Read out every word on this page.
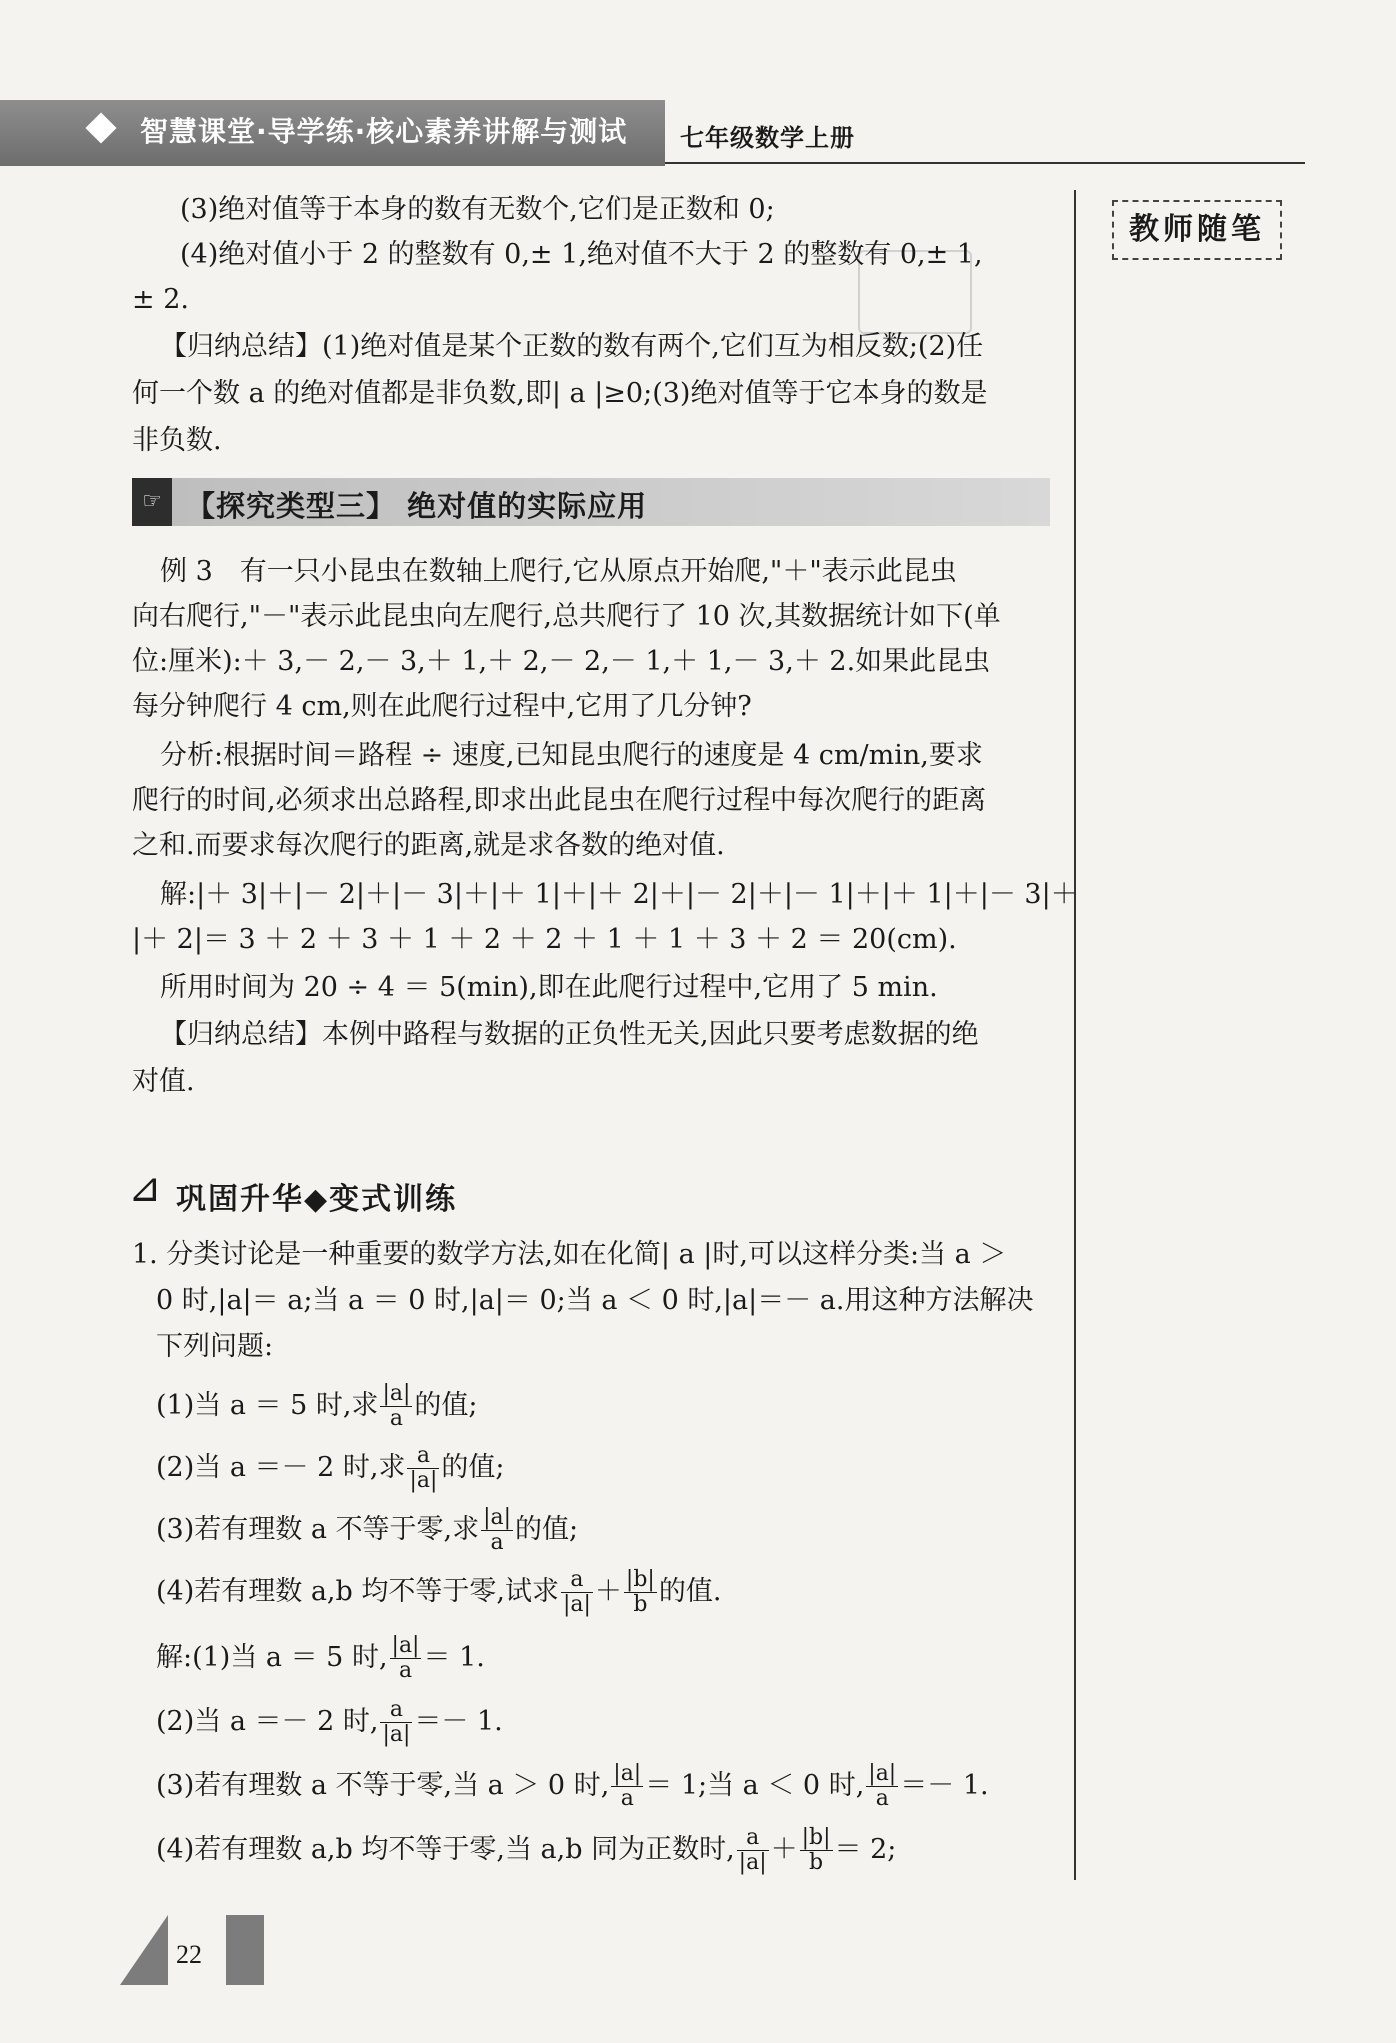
智慧课堂·导学练·核心素养讲解与测试 七年级数学上册
教师随笔
(3)绝对值等于本身的数有无数个,它们是正数和 0;
(4)绝对值小于 2 的整数有 0,± 1,绝对值不大于 2 的整数有 0,± 1,
± 2.
【归纳总结】(1)绝对值是某个正数的数有两个,它们互为相反数;(2)任
何一个数 a 的绝对值都是非负数,即| a |≥0;(3)绝对值等于它本身的数是
非负数.
☞ 【探究类型三】 绝对值的实际应用
例 3　有一只小昆虫在数轴上爬行,它从原点开始爬,"＋"表示此昆虫
向右爬行,"－"表示此昆虫向左爬行,总共爬行了 10 次,其数据统计如下(单
位:厘米):＋ 3,－ 2,－ 3,＋ 1,＋ 2,－ 2,－ 1,＋ 1,－ 3,＋ 2.如果此昆虫
每分钟爬行 4 cm,则在此爬行过程中,它用了几分钟?
分析:根据时间＝路程 ÷ 速度,已知昆虫爬行的速度是 4 cm/min,要求
爬行的时间,必须求出总路程,即求出此昆虫在爬行过程中每次爬行的距离
之和.而要求每次爬行的距离,就是求各数的绝对值.
解:|＋ 3|＋|－ 2|＋|－ 3|＋|＋ 1|＋|＋ 2|＋|－ 2|＋|－ 1|＋|＋ 1|＋|－ 3|＋
|＋ 2|＝ 3 ＋ 2 ＋ 3 ＋ 1 ＋ 2 ＋ 2 ＋ 1 ＋ 1 ＋ 3 ＋ 2 ＝ 20(cm).
所用时间为 20 ÷ 4 ＝ 5(min),即在此爬行过程中,它用了 5 min.
【归纳总结】本例中路程与数据的正负性无关,因此只要考虑数据的绝
对值.
⊿ 巩固升华◆变式训练
1. 分类讨论是一种重要的数学方法,如在化简| a |时,可以这样分类:当 a ＞
0 时,|a|＝ a;当 a ＝ 0 时,|a|＝ 0;当 a ＜ 0 时,|a|＝－ a.用这种方法解决
下列问题:
(1)当 a ＝ 5 时,求 $\frac{|a|}{a}$ 的值;
(2)当 a ＝－ 2 时,求 $\frac{a}{|a|}$ 的值;
(3)若有理数 a 不等于零,求 $\frac{|a|}{a}$ 的值;
(4)若有理数 a,b 均不等于零,试求 $\frac{a}{|a|} + \frac{|b|}{b}$ 的值.
解:(1)当 a ＝ 5 时, $\frac{|a|}{a} = 1$.
(2)当 a ＝－ 2 时, $\frac{a}{|a|} =- 1$.
(3)若有理数 a 不等于零,当 a ＞ 0 时, $\frac{|a|}{a} = 1$;当 a ＜ 0 时, $\frac{|a|}{a} =- 1$.
(4)若有理数 a,b 均不等于零,当 a,b 同为正数时, $\frac{a}{|a|} + \frac{|b|}{b} = 2$;
22
